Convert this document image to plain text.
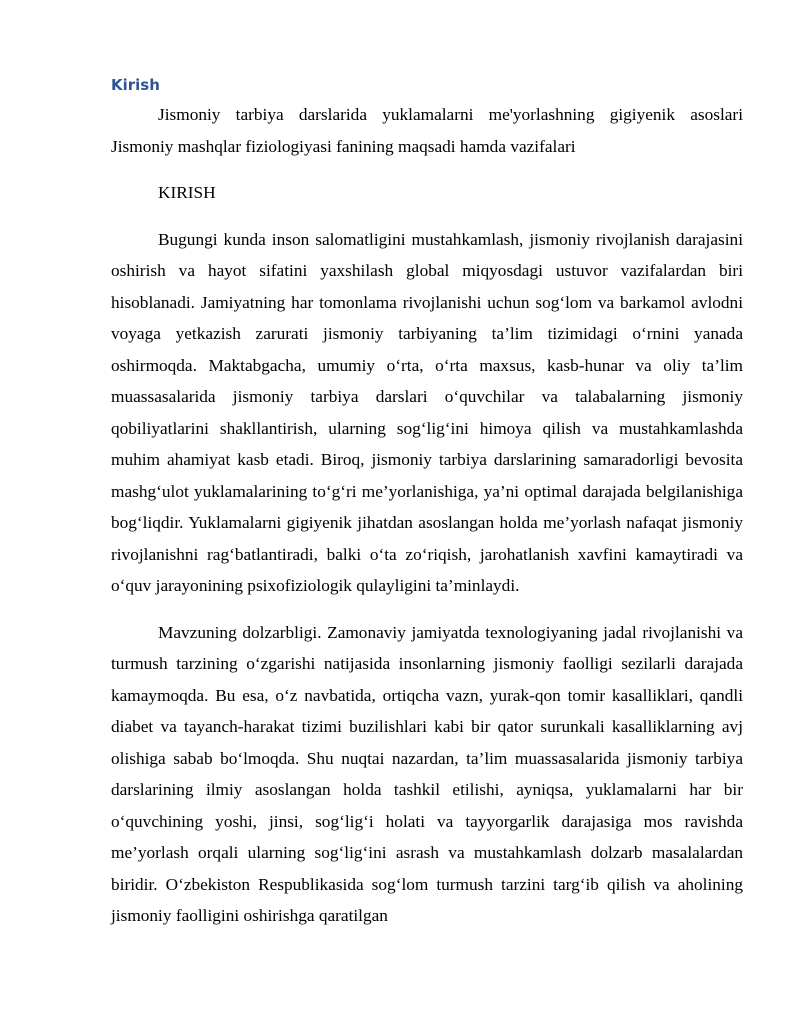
Kirish

Jismoniy tarbiya darslarida yuklamalarni me'yorlashning gigiyenik asoslari Jismoniy mashqlar fiziologiyasi fanining maqsadi hamda vazifalari

KIRISH

Bugungi kunda inson salomatligini mustahkamlash, jismoniy rivojlanish darajasini oshirish va hayot sifatini yaxshilash global miqyosdagi ustuvor vazifalardan biri hisoblanadi. Jamiyatning har tomonlama rivojlanishi uchun sog‘lom va barkamol avlodni voyaga yetkazish zarurati jismoniy tarbiyaning ta’lim tizimidagi o‘rnini yanada oshirmoqda. Maktabgacha, umumiy o‘rta, o‘rta maxsus, kasb-hunar va oliy ta’lim muassasalarida jismoniy tarbiya darslari o‘quvchilar va talabalarning jismoniy qobiliyatlarini shakllantirish, ularning sog‘lig‘ini himoya qilish va mustahkamlashda muhim ahamiyat kasb etadi. Biroq, jismoniy tarbiya darslarining samaradorligi bevosita mashg‘ulot yuklamalarining to‘g‘ri me’yorlanishiga, ya’ni optimal darajada belgilanishiga bog‘liqdir. Yuklamalarni gigiyenik jihatdan asoslangan holda me’yorlash nafaqat jismoniy rivojlanishni rag‘batlantiradi, balki o‘ta zo‘riqish, jarohatlanish xavfini kamaytiradi va o‘quv jarayonining psixofiziologik qulayligini ta’minlaydi.

Mavzuning dolzarbligi. Zamonaviy jamiyatda texnologiyaning jadal rivojlanishi va turmush tarzining o‘zgarishi natijasida insonlarning jismoniy faolligi sezilarli darajada kamaymoqda. Bu esa, o‘z navbatida, ortiqcha vazn, yurak-qon tomir kasalliklari, qandli diabet va tayanch-harakat tizimi buzilishlari kabi bir qator surunkali kasalliklarning avj olishiga sabab bo‘lmoqda. Shu nuqtai nazardan, ta’lim muassasalarida jismoniy tarbiya darslarining ilmiy asoslangan holda tashkil etilishi, ayniqsa, yuklamalarni har bir o‘quvchining yoshi, jinsi, sog‘lig‘i holati va tayyorgarlik darajasiga mos ravishda me’yorlash orqali ularning sog‘lig‘ini asrash va mustahkamlash dolzarb masalalardan biridir. O‘zbekiston Respublikasida sog‘lom turmush tarzini targ‘ib qilish va aholining jismoniy faolligini oshirishga qaratilgan
